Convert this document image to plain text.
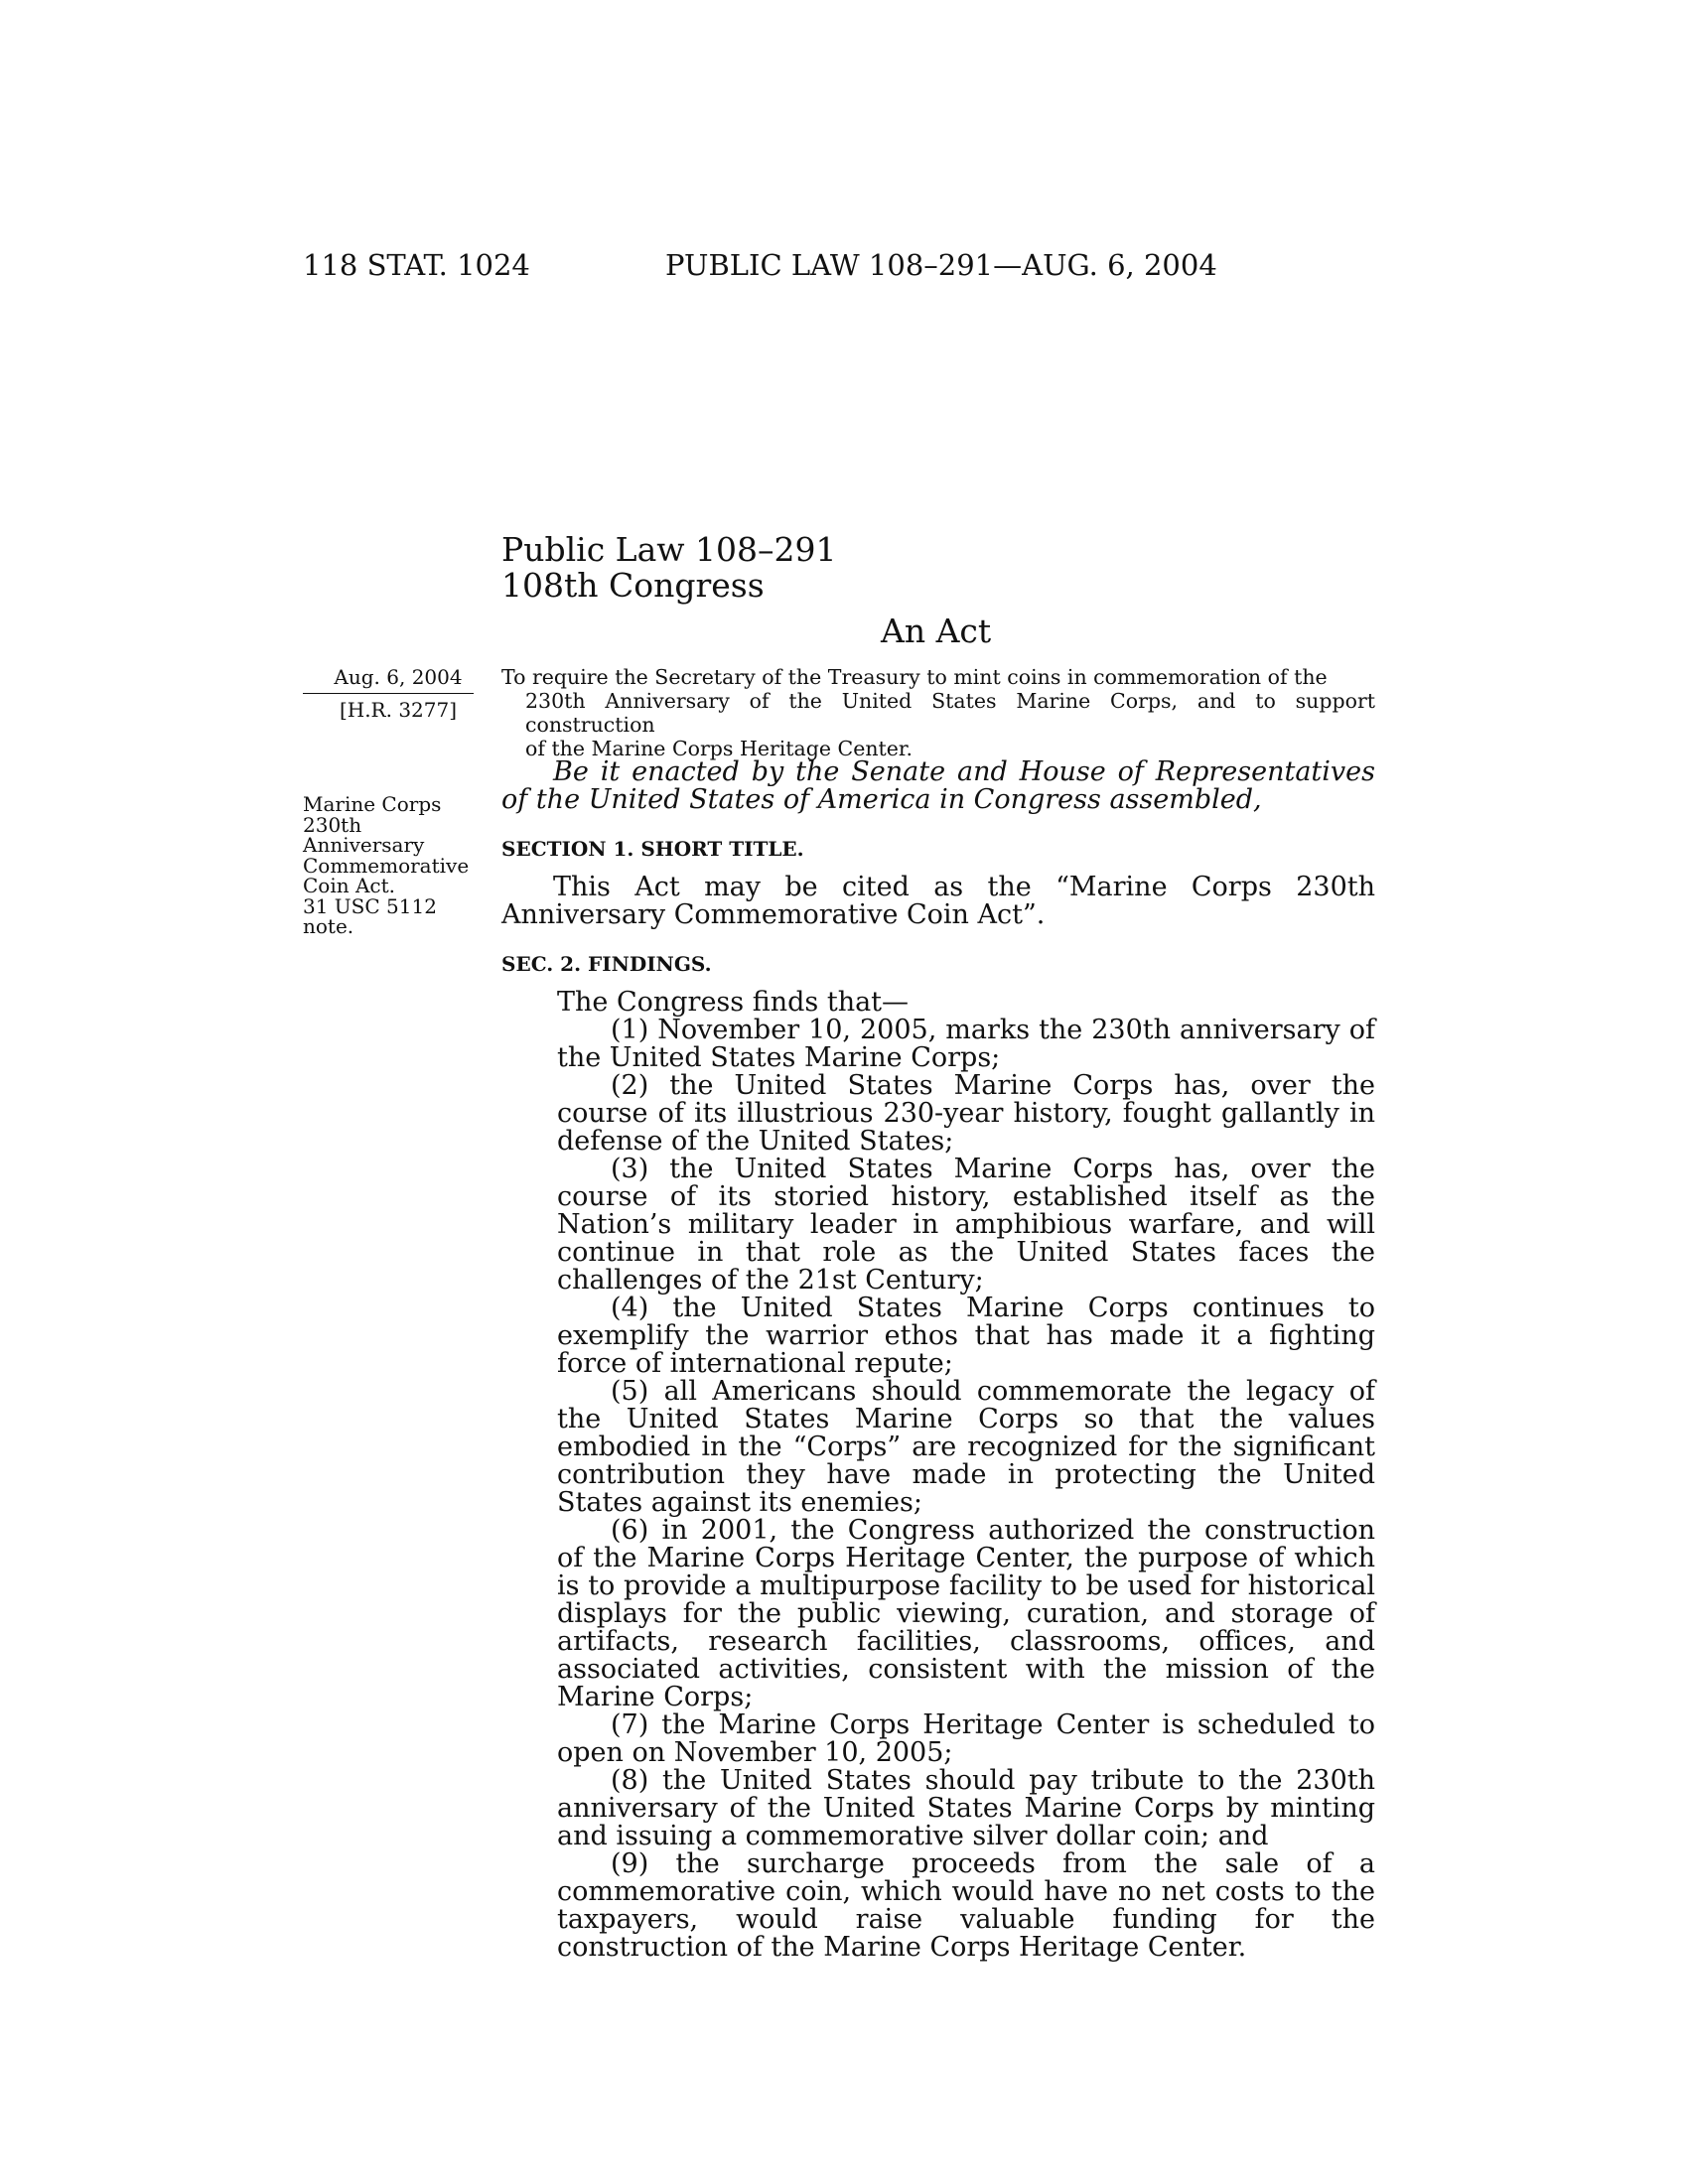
118 STAT. 1024	PUBLIC LAW 108–291—AUG. 6, 2004
Public Law 108–291
108th Congress
An Act
Aug. 6, 2004
[H.R. 3277]
To require the Secretary of the Treasury to mint coins in commemoration of the
230th Anniversary of the United States Marine Corps, and to support construction
of the Marine Corps Heritage Center.
Marine Corps
230th
Anniversary
Commemorative
Coin Act.
31 USC 5112
note.

Be it enacted by the Senate and House of Representatives of the United States of America in Congress assembled,

SECTION 1. SHORT TITLE.

This Act may be cited as the “Marine Corps 230th Anniversary Commemorative Coin Act”.

SEC. 2. FINDINGS.
The Congress finds that—

(1) November 10, 2005, marks the 230th anniversary of the United States Marine Corps;

(2) the United States Marine Corps has, over the course of its illustrious 230-year history, fought gallantly in defense of the United States;

(3) the United States Marine Corps has, over the course of its storied history, established itself as the Nation’s military leader in amphibious warfare, and will continue in that role as the United States faces the challenges of the 21st Century;

(4) the United States Marine Corps continues to exemplify the warrior ethos that has made it a fighting force of international repute;

(5) all Americans should commemorate the legacy of the United States Marine Corps so that the values embodied in the “Corps” are recognized for the significant contribution they have made in protecting the United States against its enemies;

(6) in 2001, the Congress authorized the construction of the Marine Corps Heritage Center, the purpose of which is to provide a multipurpose facility to be used for historical displays for the public viewing, curation, and storage of artifacts, research facilities, classrooms, offices, and associated activities, consistent with the mission of the Marine Corps;

(7) the Marine Corps Heritage Center is scheduled to open on November 10, 2005;

(8) the United States should pay tribute to the 230th anniversary of the United States Marine Corps by minting and issuing a commemorative silver dollar coin; and

(9) the surcharge proceeds from the sale of a commemorative coin, which would have no net costs to the taxpayers, would raise valuable funding for the construction of the Marine Corps Heritage Center.
